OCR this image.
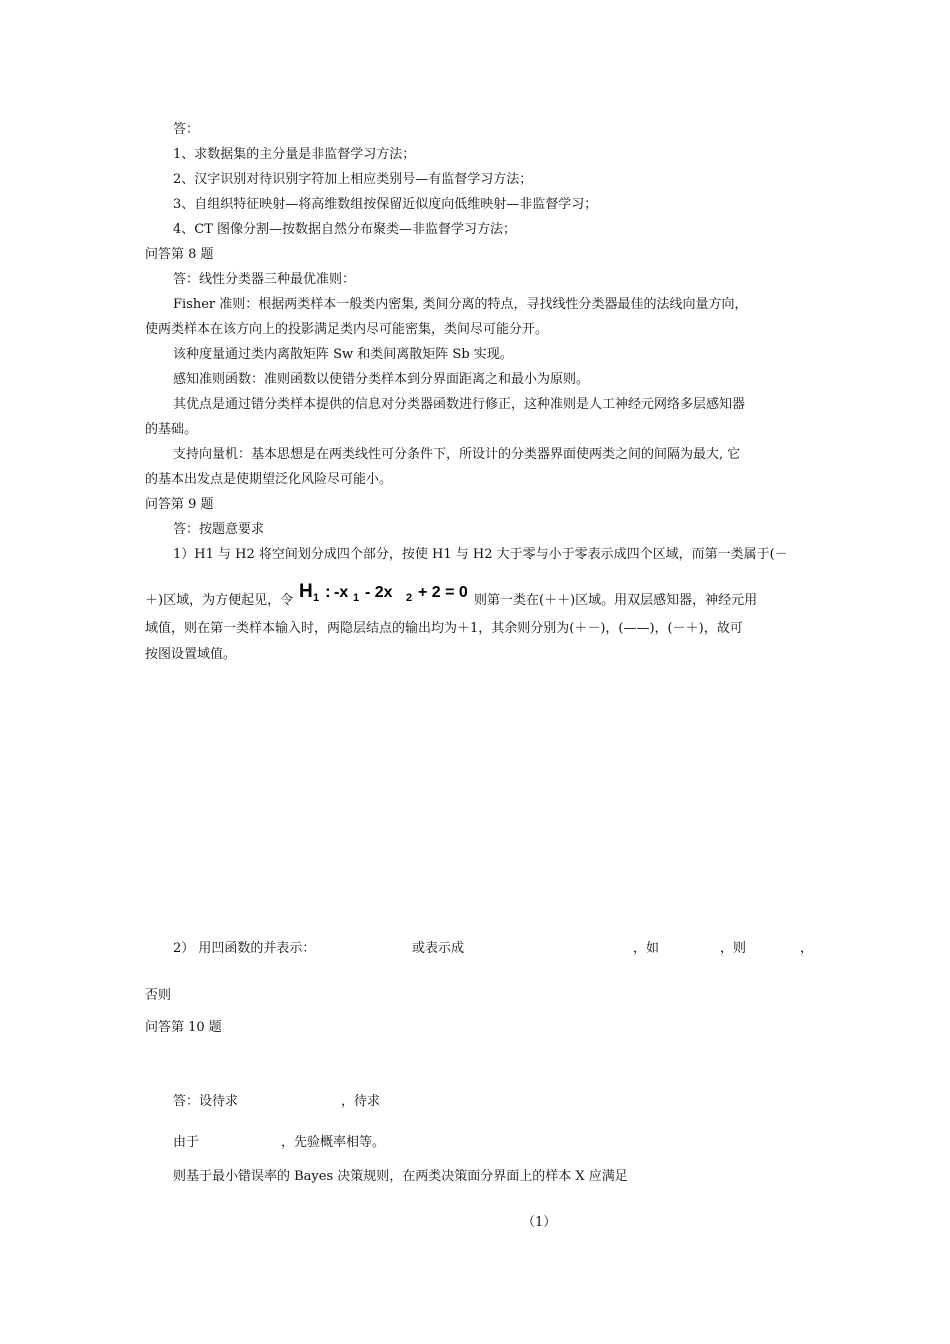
答：
1、求数据集的主分量是非监督学习方法；
2、汉字识别对待识别字符加上相应类别号—有监督学习方法；
3、自组织特征映射—将高维数组按保留近似度向低维映射—非监督学习；
4、CT 图像分割—按数据自然分布聚类—非监督学习方法；
问答第 8 题
答：线性分类器三种最优准则：
Fisher 准则：根据两类样本一般类内密集, 类间分离的特点，寻找线性分类器最佳的法线向量方向，
使两类样本在该方向上的投影满足类内尽可能密集，类间尽可能分开。
该种度量通过类内离散矩阵 Sw 和类间离散矩阵 Sb 实现。
感知准则函数：准则函数以使错分类样本到分界面距离之和最小为原则。
其优点是通过错分类样本提供的信息对分类器函数进行修正，这种准则是人工神经元网络多层感知器
的基础。
支持向量机：基本思想是在两类线性可分条件下，所设计的分类器界面使两类之间的间隔为最大, 它
的基本出发点是使期望泛化风险尽可能小。
问答第 9 题
答：按题意要求
1）H1 与 H2 将空间划分成四个部分，按使 H1 与 H2 大于零与小于零表示成四个区域，而第一类属于(－
＋)区域，为方便起见，令 H 1 : -x 1 - 2x 2 + 2 = 0 则第一类在(＋＋)区域。用双层感知器，神经元用
域值，则在第一类样本输入时，两隐层结点的输出均为＋1，其余则分别为(＋－)，(——)，(－＋)，故可
按图设置域值。
2） 用凹函数的并表示：	或表示成	，如	，则	，
否则
问答第 10 题
答：设待求	，待求
由于	，先验概率相等。
则基于最小错误率的 Bayes 决策规则，在两类决策面分界面上的样本 X 应满足
（1）
